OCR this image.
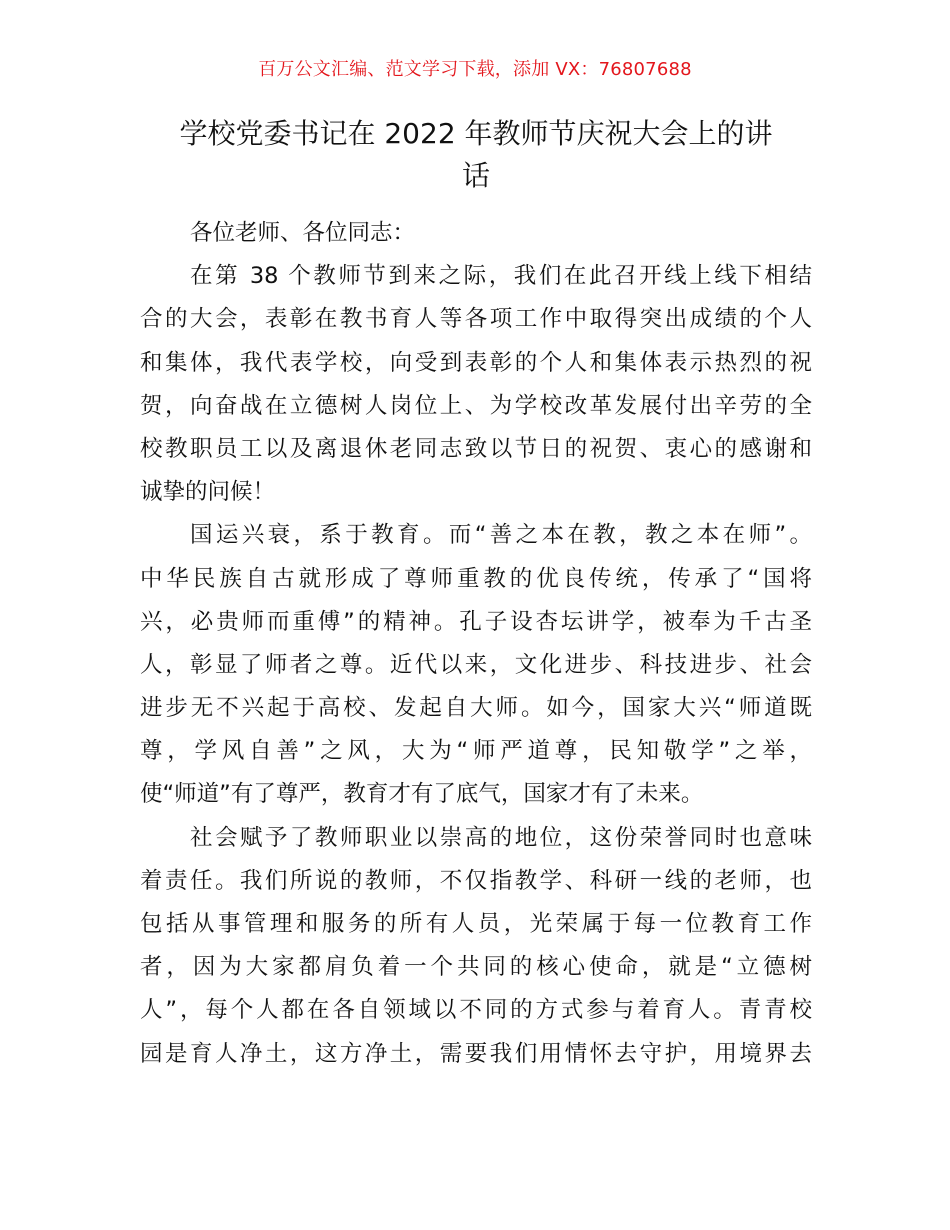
百万公文汇编、范文学习下载，添加 VX：76807688
学校党委书记在 2022 年教师节庆祝大会上的讲
话
各位老师、各位同志：
在第 38 个教师节到来之际，我们在此召开线上线下相结
合的大会，表彰在教书育人等各项工作中取得突出成绩的个人
和集体，我代表学校，向受到表彰的个人和集体表示热烈的祝
贺，向奋战在立德树人岗位上、为学校改革发展付出辛劳的全
校教职员工以及离退休老同志致以节日的祝贺、衷心的感谢和
诚挚的问候！
国运兴衰，系于教育。而“善之本在教，教之本在师”。
中华民族自古就形成了尊师重教的优良传统，传承了“国将
兴，必贵师而重傅”的精神。孔子设杏坛讲学，被奉为千古圣
人，彰显了师者之尊。近代以来，文化进步、科技进步、社会
进步无不兴起于高校、发起自大师。如今，国家大兴“师道既
尊，学风自善”之风，大为“师严道尊，民知敬学”之举，
使“师道”有了尊严，教育才有了底气，国家才有了未来。
社会赋予了教师职业以崇高的地位，这份荣誉同时也意味
着责任。我们所说的教师，不仅指教学、科研一线的老师，也
包括从事管理和服务的所有人员，光荣属于每一位教育工作
者，因为大家都肩负着一个共同的核心使命，就是“立德树
人”，每个人都在各自领域以不同的方式参与着育人。青青校
园是育人净土，这方净土，需要我们用情怀去守护，用境界去
